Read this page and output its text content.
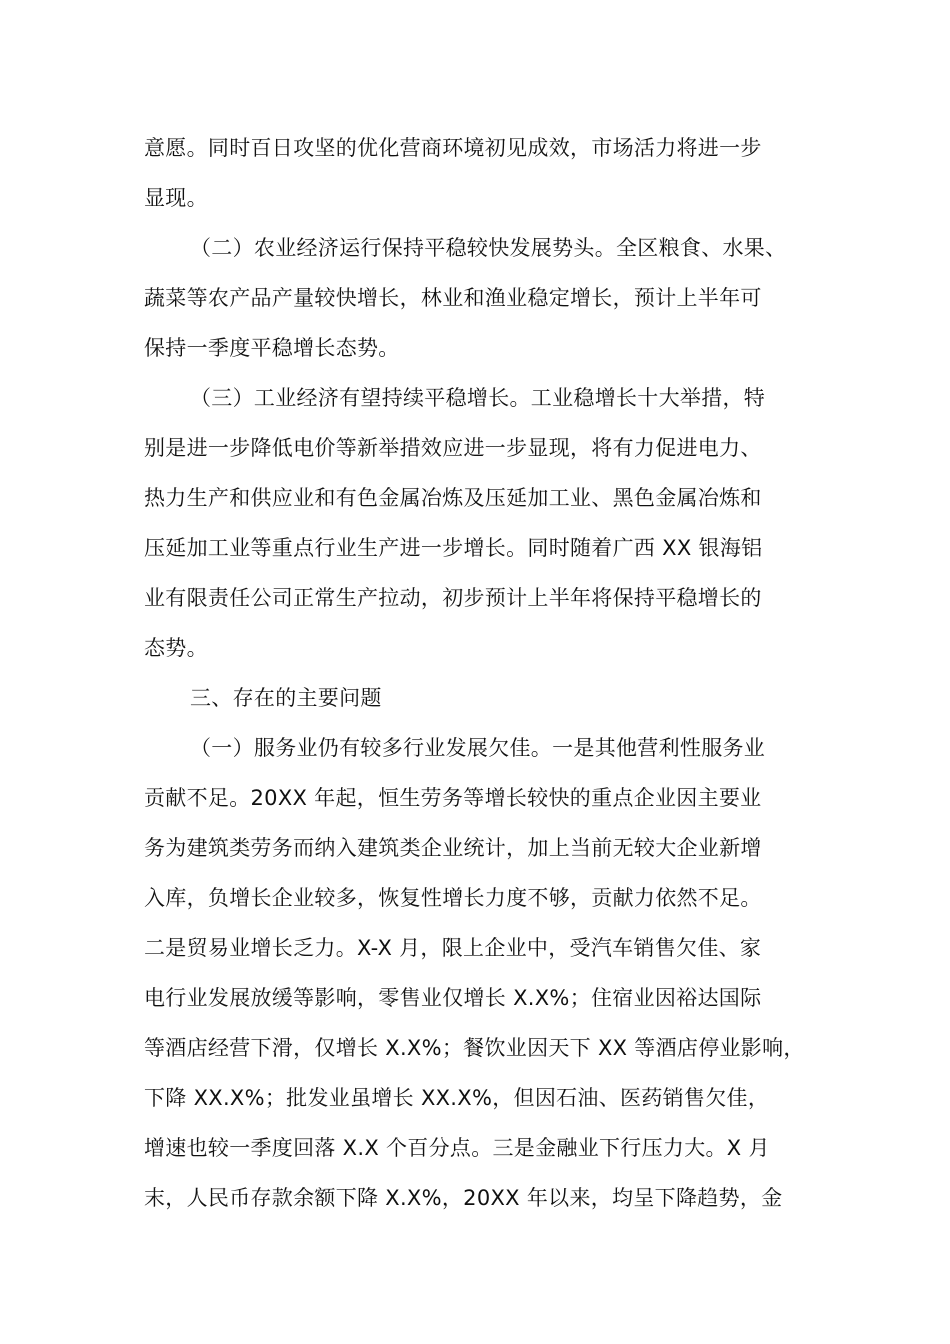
意愿。同时百日攻坚的优化营商环境初见成效，市场活力将进一步
显现。
（二）农业经济运行保持平稳较快发展势头。全区粮食、水果、
蔬菜等农产品产量较快增长，林业和渔业稳定增长，预计上半年可
保持一季度平稳增长态势。
（三）工业经济有望持续平稳增长。工业稳增长十大举措，特
别是进一步降低电价等新举措效应进一步显现，将有力促进电力、
热力生产和供应业和有色金属冶炼及压延加工业、黑色金属冶炼和
压延加工业等重点行业生产进一步增长。同时随着广西 XX 银海铝
业有限责任公司正常生产拉动，初步预计上半年将保持平稳增长的
态势。
三、存在的主要问题
（一）服务业仍有较多行业发展欠佳。一是其他营利性服务业
贡献不足。20XX 年起，恒生劳务等增长较快的重点企业因主要业
务为建筑类劳务而纳入建筑类企业统计，加上当前无较大企业新增
入库，负增长企业较多，恢复性增长力度不够，贡献力依然不足。
二是贸易业增长乏力。X-X 月，限上企业中，受汽车销售欠佳、家
电行业发展放缓等影响，零售业仅增长 X.X%；住宿业因裕达国际
等酒店经营下滑，仅增长 X.X%；餐饮业因天下 XX 等酒店停业影响，
下降 XX.X%；批发业虽增长 XX.X%，但因石油、医药销售欠佳，
增速也较一季度回落 X.X 个百分点。三是金融业下行压力大。X 月
末，人民币存款余额下降 X.X%，20XX 年以来，均呈下降趋势，金
